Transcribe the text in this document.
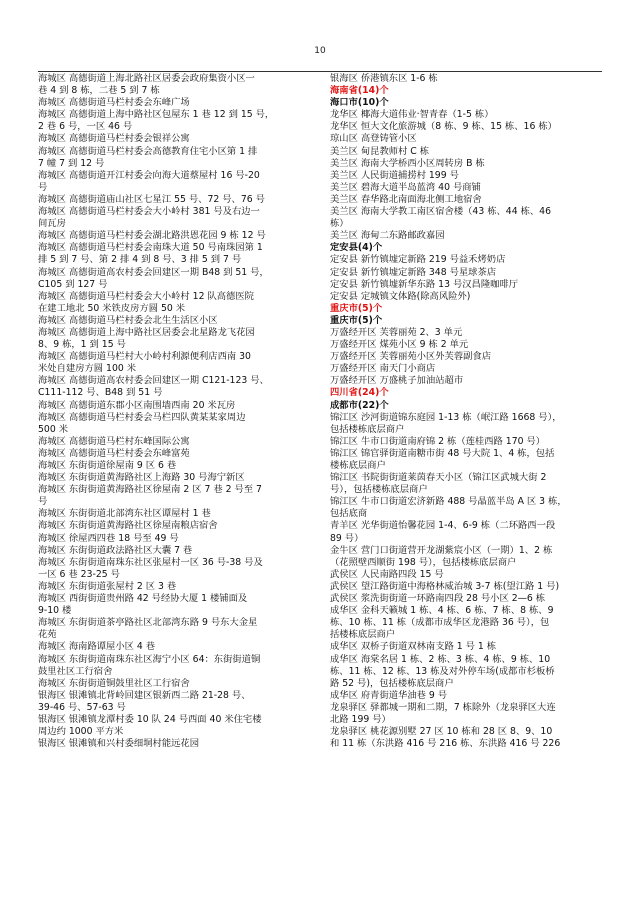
10
海城区 高德街道上海北路社区居委会政府集资小区一
巷 4 到 8 栋，二巷 5 到 7 栋
海城区 高德街道马栏村委会东峰广场
海城区 高德街道上海中路社区包屋东 1 巷 12 到 15 号，
2 巷 6 号，一区 46 号
海城区 高德街道马栏村委会银祥公寓
海城区 高德街道马栏村委会高德教育住宅小区第 1 排
7 幢 7 到 12 号
海城区 高德街道开江村委会向海大道蔡屋村 16 号-20
号
海城区 高德街道庙山社区七星江 55 号、72 号、76 号
海城区 高德街道马栏村委会大小岭村 381 号及右边一
间瓦房
海城区 高德街道马栏村委会湖北路洪恩花园 9 栋 12 号
海城区 高德街道马栏村委会南珠大道 50 号南珠园第 1
排 5 到 7 号、第 2 排 4 到 8 号、3 排 5 到 7 号
海城区 高德街道高农村委会回建区一期 B48 到 51 号，
C105 到 127 号
海城区 高德街道马栏村委会大小岭村 12 队高德医院
在建工地北 50 米铁皮房方圆 50 米
海城区 高德街道马栏村委会北生生活区小区
海城区 高德街道上海中路社区居委会北星路龙飞花园
8、9 栋，1 到 15 号
海城区 高德街道马栏村大小岭村利源便利店西南 30
米处自建房方圆 100 米
海城区 高德街道高农村委会回建区一期 C121-123 号、
C111-112 号、B48 到 51 号
海城区 高德街道东郡小区南围墙西南 20 米瓦房
海城区 高德街道马栏村委会马栏四队黄某某家周边
500 米
海城区 高德街道马栏村东峰国际公寓
海城区 高德街道马栏村委会东峰富苑
海城区 东街街道徐屋南 9 区 6 巷
海城区 东街街道黄海路社区上海路 30 号海宁新区
海城区 东街街道黄海路社区徐屋南 2 区 7 巷 2 号至 7
号
海城区 东街街道北部湾东社区谭屋村 1 巷
海城区 东街街道黄海路社区徐屋南粮店宿舍
海城区 徐屋西四巷 18 号至 49 号
海城区 东街街道政法路社区大囊 7 巷
海城区 东街街道南珠东社区张屋村一区 36 号-38 号及
一区 6 巷 23-25 号
海城区 东街街道张屋村 2 区 3 巷
海城区 西街街道贵州路 42 号经协大厦 1 楼铺面及
9-10 楼
海城区 东街街道茶亭路社区北部湾东路 9 号东大金星
花苑
海城区 海南路谭屋小区 4 巷
海城区 东街街道南珠东社区海宁小区 64：东街街道铜
鼓里社区工行宿舍
海城区 东街街道铜鼓里社区工行宿舍
银海区 银滩镇北背岭回建区银新西二路 21-28 号、
39-46 号、57-63 号
银海区 银滩镇龙潭村委 10 队 24 号西面 40 米住宅楼
周边约 1000 平方米
银海区 银滩镇和兴村委细垌村能远花园
银海区 侨港镇东区 1-6 栋
海南省(14)个
海口市(10)个
龙华区 椰海大道伟业·智青春（1-5 栋）
龙华区 恒大文化旅游城（8 栋、9 栋、15 栋、16 栋）
琼山区 高登铸管小区
美兰区 甸昆教师村 C 栋
美兰区 海南大学桥西小区周转房 B 栋
美兰区 人民街道捕捞村 199 号
美兰区 碧海大道半岛蓝湾 40 号商铺
美兰区 春华路北南面海北侧工地宿舍
美兰区 海南大学教工南区宿舍楼（43 栋、44 栋、46
栋）
美兰区 海甸二东路邮政嘉园
定安县(4)个
定安县 新竹镇墟定新路 219 号益禾烤奶店
定安县 新竹镇墟定新路 348 号星球茶店
定安县 新竹镇墟新华东路 13 号汉昌隆咖啡厅
定安县 定城镇文体路(除高风险外)
重庆市(5)个
重庆市(5)个
万盛经开区 芙蓉丽苑 2、3 单元
万盛经开区 煤苑小区 9 栋 2 单元
万盛经开区 芙蓉丽苑小区外芙蓉副食店
万盛经开区 南天门小商店
万盛经开区 万盛桃子加油站超市
四川省(24)个
成都市(22)个
锦江区 沙河街道锦东庭园 1-13 栋（岷江路 1668 号），
包括楼栋底层商户
锦江区 牛市口街道南府锦 2 栋（莲桂西路 170 号）
锦江区 锦官驿街道南糖市街 48 号大院 1、4 栋，包括
楼栋底层商户
锦江区 书院街街道莱茵春天小区（锦江区武城大街 2
号），包括楼栋底层商户
锦江区 牛市口街道宏济新路 488 号晶蓝半岛 A 区 3 栋，
包括底商
青羊区 光华街道怡馨花园 1-4、6-9 栋（二环路西一段
89 号）
金牛区 营门口街道营开龙湖紫宸小区（一期）1、2 栋
（花照壁西顺街 198 号），包括楼栋底层商户
武侯区 人民南路四段 15 号
武侯区 望江路街道中海格林威治城 3-7 栋(望江路 1 号)
武侯区 浆洗街街道一环路南四段 28 号小区 2—6 栋
成华区 金科天籁城 1 栋、4 栋、6 栋、7 栋、8 栋、9
栋、10 栋、11 栋（成都市成华区龙港路 36 号），包
括楼栋底层商户
成华区 双桥子街道双林南支路 1 号 1 栋
成华区 海棠名居 1 栋、2 栋、3 栋、4 栋、9 栋、10
栋、11 栋、12 栋、13 栋及对外停车场(成都市杉板桥
路 52 号)，包括楼栋底层商户
成华区 府青街道华油巷 9 号
龙泉驿区 驿都城一期和二期，7 栋除外（龙泉驿区大连
北路 199 号）
龙泉驿区 桃花源别墅 27 区 10 栋和 28 区 8、9、10
和 11 栋（东洪路 416 号 216 栋、东洪路 416 号 226
